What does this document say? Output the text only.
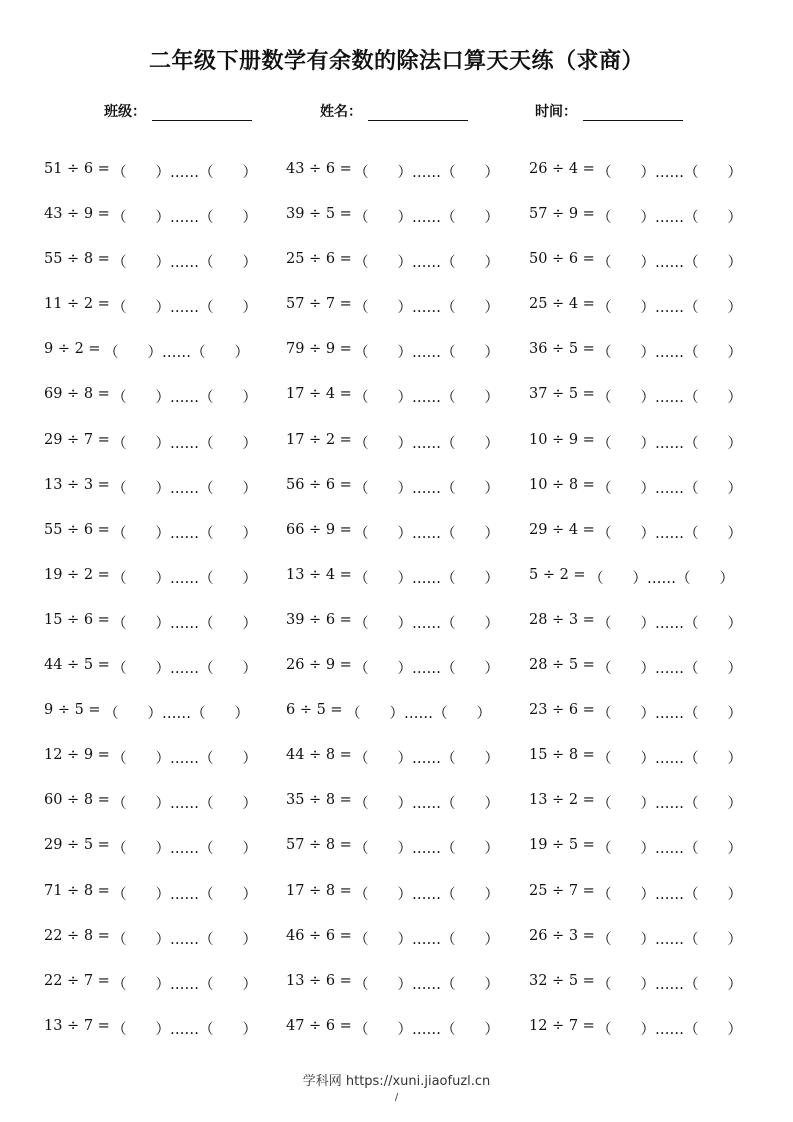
二年级下册数学有余数的除法口算天天练（求商）
班级：	姓名：	时间：
51 ÷ 6 = （　　）……（　　） 43 ÷ 6 = （　　）……（　　） 26 ÷ 4 = （　　）……（　　）
43 ÷ 9 = （　　）……（　　） 39 ÷ 5 = （　　）……（　　） 57 ÷ 9 = （　　）……（　　）
55 ÷ 8 = （　　）……（　　） 25 ÷ 6 = （　　）……（　　） 50 ÷ 6 = （　　）……（　　）
11 ÷ 2 = （　　）……（　　） 57 ÷ 7 = （　　）……（　　） 25 ÷ 4 = （　　）……（　　）
9 ÷ 2 = （　　）……（　　）	79 ÷ 9 = （　　）……（　　） 36 ÷ 5 = （　　）……（　　）
69 ÷ 8 = （　　）……（　　） 17 ÷ 4 = （　　）……（　　） 37 ÷ 5 = （　　）……（　　）
29 ÷ 7 = （　　）……（　　） 17 ÷ 2 = （　　）……（　　） 10 ÷ 9 = （　　）……（　　）
13 ÷ 3 = （　　）……（　　） 56 ÷ 6 = （　　）……（　　） 10 ÷ 8 = （　　）……（　　）
55 ÷ 6 = （　　）……（　　） 66 ÷ 9 = （　　）……（　　） 29 ÷ 4 = （　　）……（　　）
19 ÷ 2 = （　　）……（　　） 13 ÷ 4 = （　　）……（　　） 5 ÷ 2 = （　　）……（　　）
15 ÷ 6 = （　　）……（　　） 39 ÷ 6 = （　　）……（　　） 28 ÷ 3 = （　　）……（　　）
44 ÷ 5 = （　　）……（　　） 26 ÷ 9 = （　　）……（　　） 28 ÷ 5 = （　　）……（　　）
9 ÷ 5 = （　　）……（　　）	6 ÷ 5 = （　　）……（　　）	23 ÷ 6 = （　　）……（　　）
12 ÷ 9 = （　　）……（　　） 44 ÷ 8 = （　　）……（　　） 15 ÷ 8 = （　　）……（　　）
60 ÷ 8 = （　　）……（　　） 35 ÷ 8 = （　　）……（　　） 13 ÷ 2 = （　　）……（　　）
29 ÷ 5 = （　　）……（　　） 57 ÷ 8 = （　　）……（　　） 19 ÷ 5 = （　　）……（　　）
71 ÷ 8 = （　　）……（　　） 17 ÷ 8 = （　　）……（　　） 25 ÷ 7 = （　　）……（　　）
22 ÷ 8 = （　　）……（　　） 46 ÷ 6 = （　　）……（　　） 26 ÷ 3 = （　　）……（　　）
22 ÷ 7 = （　　）……（　　） 13 ÷ 6 = （　　）……（　　） 32 ÷ 5 = （　　）……（　　）
13 ÷ 7 = （　　）……（　　） 47 ÷ 6 = （　　）……（　　） 12 ÷ 7 = （　　）……（　　）
学科网 https://xuni.jiaofuzl.cn
/
